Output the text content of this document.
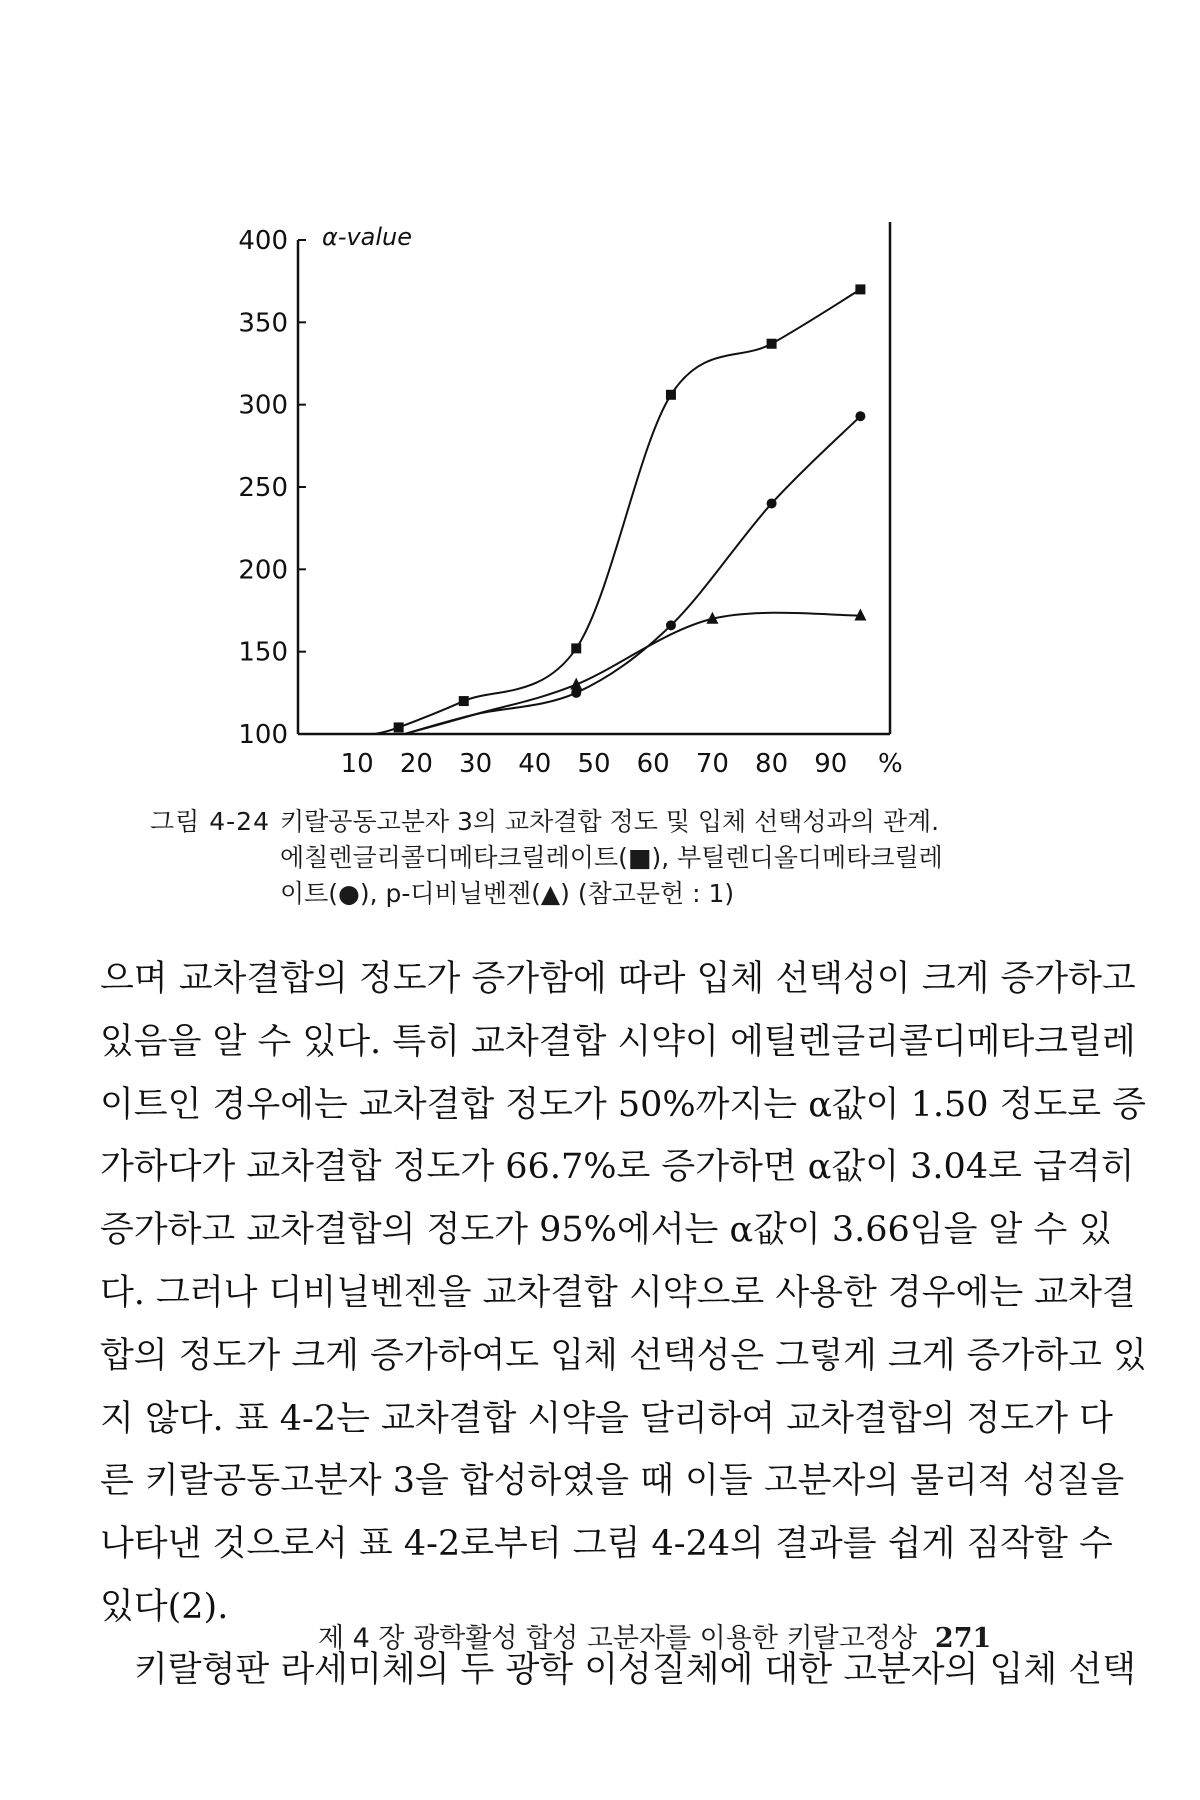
100
150
200
250
300
350
400
10 20 30 40 50 60 70 80 90 %
α-value
그림 4-24 키랄공동고분자 3의 교차결합 정도 및 입체 선택성과의 관계.
에칠렌글리콜디메타크릴레이트(■), 부틸렌디올디메타크릴레
이트(●), p-디비닐벤젠(▲) (참고문헌 : 1)
으며 교차결합의 정도가 증가함에 따라 입체 선택성이 크게 증가하고
있음을 알 수 있다. 특히 교차결합 시약이 에틸렌글리콜디메타크릴레
이트인 경우에는 교차결합 정도가 50%까지는 α값이 1.50 정도로 증
가하다가 교차결합 정도가 66.7%로 증가하면 α값이 3.04로 급격히
증가하고 교차결합의 정도가 95%에서는 α값이 3.66임을 알 수 있
다. 그러나 디비닐벤젠을 교차결합 시약으로 사용한 경우에는 교차결
합의 정도가 크게 증가하여도 입체 선택성은 그렇게 크게 증가하고 있
지 않다. 표 4-2는 교차결합 시약을 달리하여 교차결합의 정도가 다
른 키랄공동고분자 3을 합성하였을 때 이들 고분자의 물리적 성질을
나타낸 것으로서 표 4-2로부터 그림 4-24의 결과를 쉽게 짐작할 수
있다(2).
키랄형판 라세미체의 두 광학 이성질체에 대한 고분자의 입체 선택
제 4 장 광학활성 합성 고분자를 이용한 키랄고정상 271
